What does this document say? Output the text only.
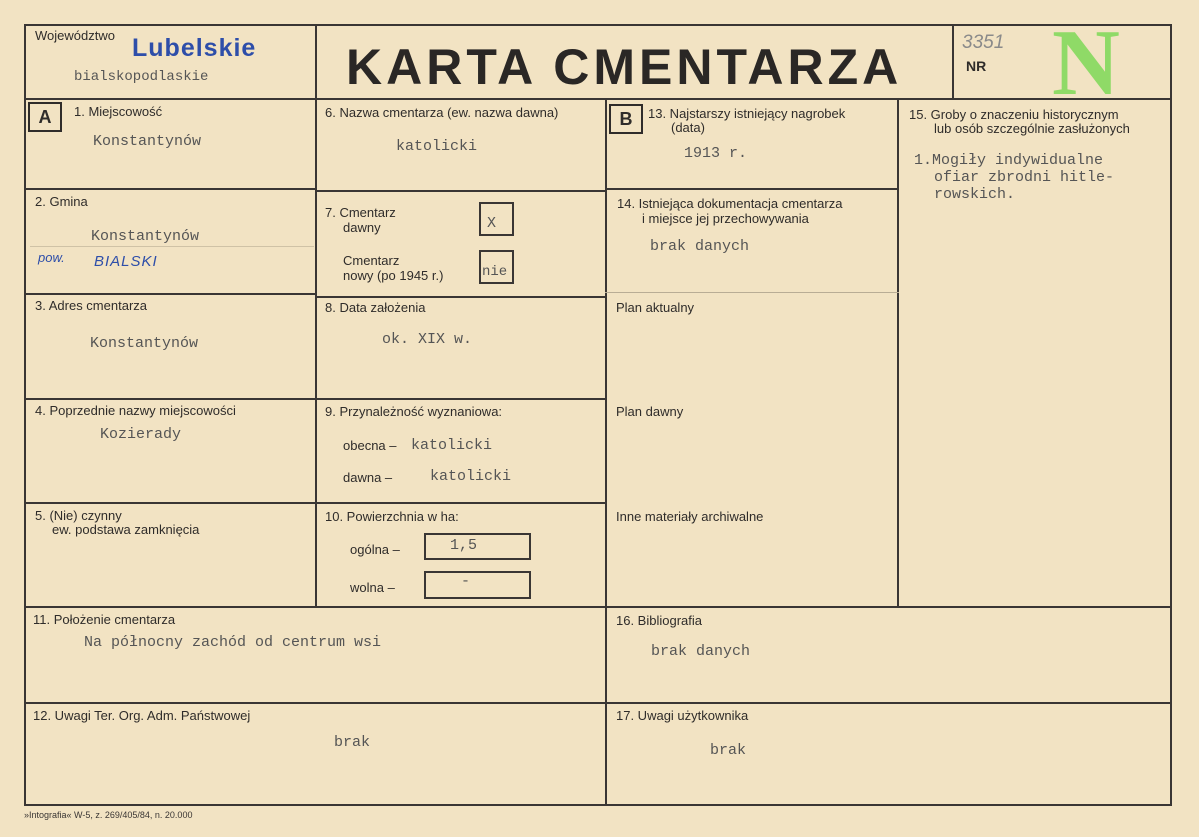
Województwo Lubelskie
bialskopodlaskie	KARTA CMENTARZA N
3351
NR
A	1. Miejscowość
Konstantynów
2. Gmina
Konstantynów
pow. BIALSKI
3. Adres cmentarza
Konstantynów
4. Poprzednie nazwy miejscowości
Kozierady
5. (Nie) czynny
ew. podstawa zamknięcia
6. Nazwa cmentarza (ew. nazwa dawna)
katolicki
7. Cmentarz
dawny	X
Cmentarz
nowy (po 1945 r.)	nie
8. Data założenia
ok. XIX w.
9. Przynależność wyznaniowa:
obecna – katolicki
dawna –	katolicki
10. Powierzchnia w ha:
ogólna –	1,5
wolna –	-
B	13. Najstarszy istniejący nagrobek
(data)
1913 r.
14. Istniejąca dokumentacja cmentarza
i miejsce jej przechowywania
brak danych
Plan aktualny
Plan dawny
Inne materiały archiwalne
15. Groby o znaczeniu historycznym
lub osób szczególnie zasłużonych
1.Mogiły indywidualne
ofiar zbrodni hitle-
rowskich.
11. Położenie cmentarza
Na północny zachód od centrum wsi
16. Bibliografia
brak danych
12. Uwagi Ter. Org. Adm. Państwowej
brak
17. Uwagi użytkownika
brak
»Intografia« W-5, z. 269/405/84, n. 20.000
